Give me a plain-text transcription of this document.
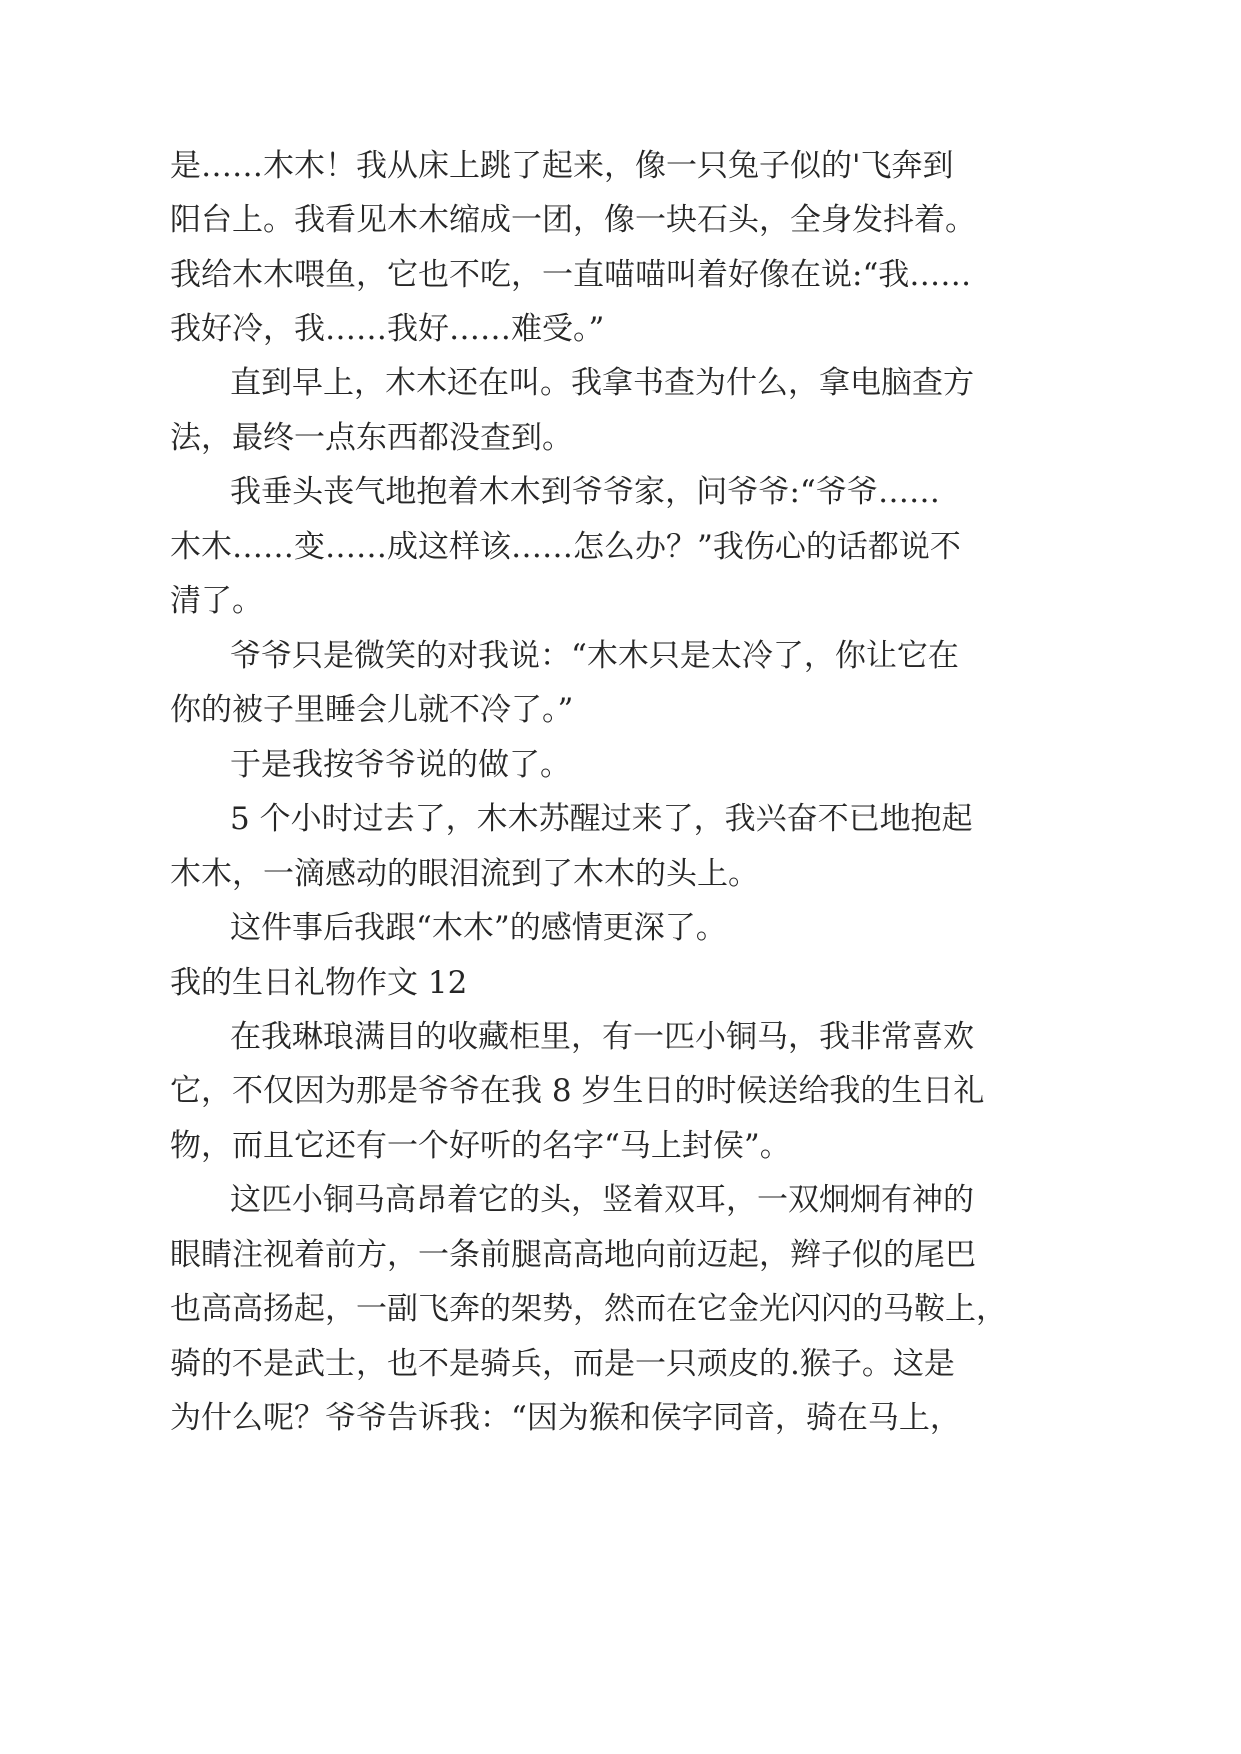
是……木木！我从床上跳了起来，像一只兔子似的'飞奔到
阳台上。我看见木木缩成一团，像一块石头，全身发抖着。
我给木木喂鱼，它也不吃，一直喵喵叫着好像在说:“我……
我好冷，我……我好……难受。”
直到早上，木木还在叫。我拿书查为什么，拿电脑查方
法，最终一点东西都没查到。
我垂头丧气地抱着木木到爷爷家，问爷爷:“爷爷……
木木……变……成这样该……怎么办？”我伤心的话都说不
清了。
爷爷只是微笑的对我说：“木木只是太冷了，你让它在
你的被子里睡会儿就不冷了。”
于是我按爷爷说的做了。
5 个小时过去了，木木苏醒过来了，我兴奋不已地抱起
木木，一滴感动的眼泪流到了木木的头上。
这件事后我跟“木木”的感情更深了。
我的生日礼物作文 12
在我琳琅满目的收藏柜里，有一匹小铜马，我非常喜欢
它，不仅因为那是爷爷在我 8 岁生日的时候送给我的生日礼
物，而且它还有一个好听的名字“马上封侯”。
这匹小铜马高昂着它的头，竖着双耳，一双炯炯有神的
眼睛注视着前方，一条前腿高高地向前迈起，辫子似的尾巴
也高高扬起，一副飞奔的架势，然而在它金光闪闪的马鞍上，
骑的不是武士，也不是骑兵，而是一只顽皮的.猴子。这是
为什么呢？爷爷告诉我：“因为猴和侯字同音，骑在马上，
